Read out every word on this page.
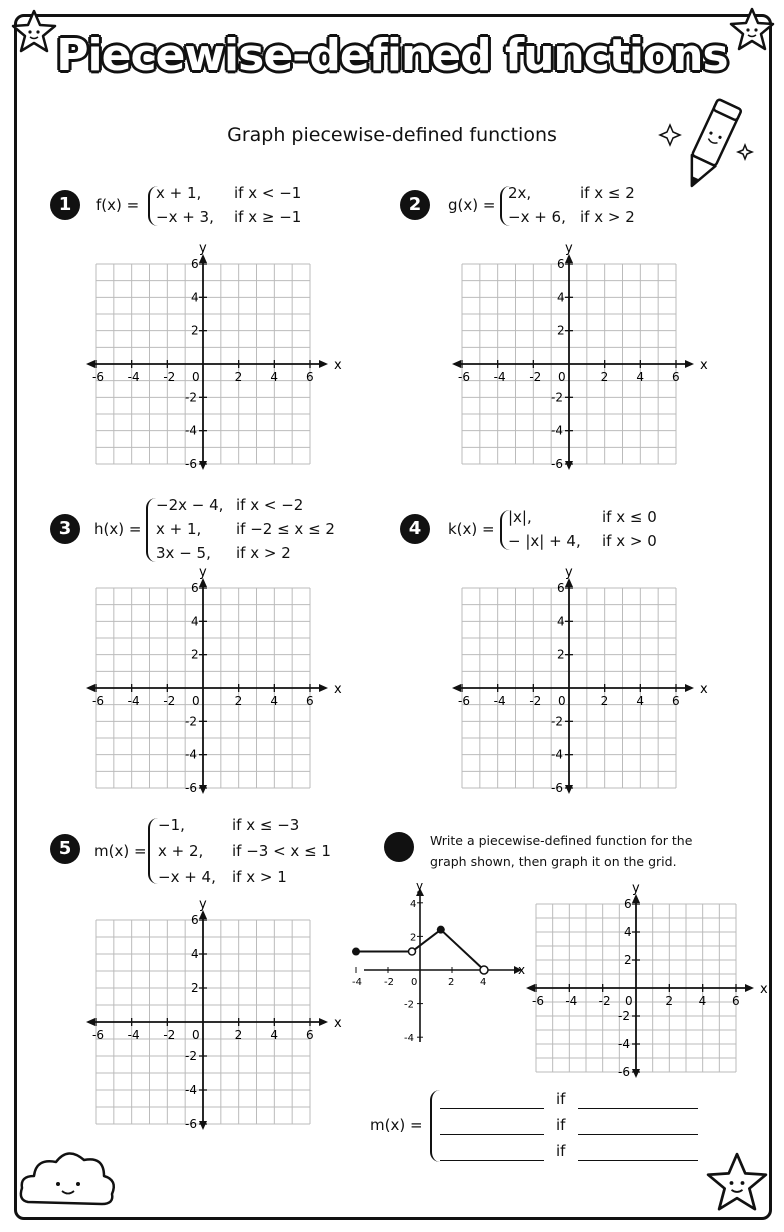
Piecewise-defined functions
Graph piecewise-defined functions
1	2
3	4
5
f(x) =
x + 1, if x < −1
−x + 3, if x ≥ −1
g(x) =
2x,	if x ≤ 2
−x + 6, if x > 2
h(x) =
−2x − 4, if x < −2
x + 1, if −2 ≤ x ≤ 2
3x − 5, if x > 2
k(x) =
|x|,	if x ≤ 0
− |x| + 4, if x > 0
m(x) =
−1,	if x ≤ −3
x + 2, if −3 < x ≤ 1
−x + 4, if x > 1
x
y
-6 -4 -2 0	2 4 6
6
4
2
-2
-4
-6
x
y
-6 -4 -2 0	2 4 6
6
4
2
-2
-4
-6
x
y
-6 -4 -2 0	2 4 6
6
4
2
-2
-4
-6
x
y
-6 -4 -2 0	2 4 6
6
4
2
-2
-4
-6
x
y
-6 -4 -2 0	2 4 6
6
4
2
-2
-4
-6
x
y
-6 -4 -2 0	2 4 6
6
4
2
-2
-4
-6
Write a piecewise-defined function for the graph shown, then graph it on the grid.
x
y
-4 -2 0	2	4
4
2
-2
-4
m(x) =
if
if
if
